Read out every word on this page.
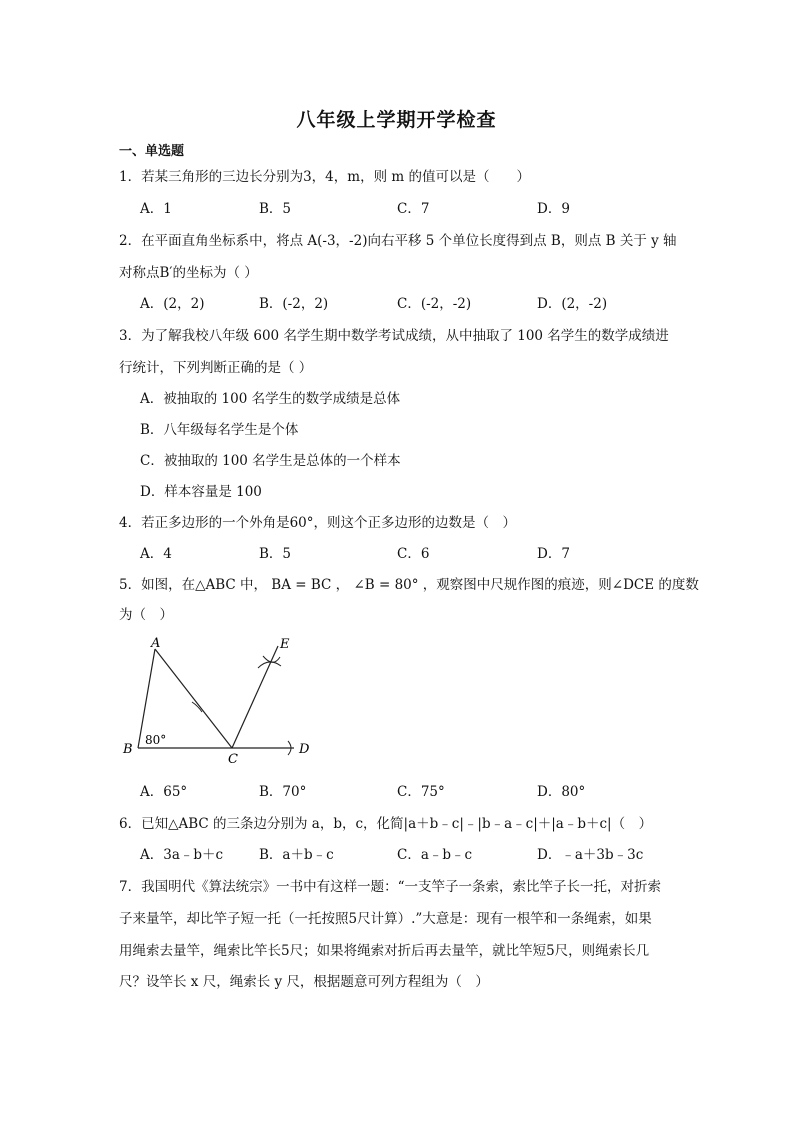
八年级上学期开学检查
一、单选题
1．若某三角形的三边长分别为3，4，m，则 m 的值可以是（　　）
A．1	B．5	C．7	D．9
2．在平面直角坐标系中，将点 A(-3，-2)向右平移 5 个单位长度得到点 B，则点 B 关于 y 轴
对称点B′的坐标为（ ）
A．(2，2)	B．(-2，2)	C．(-2，-2)	D．(2，-2)
3．为了解我校八年级 600 名学生期中数学考试成绩，从中抽取了 100 名学生的数学成绩进
行统计，下列判断正确的是（ ）
A．被抽取的 100 名学生的数学成绩是总体
B．八年级每名学生是个体
C．被抽取的 100 名学生是总体的一个样本
D．样本容量是 100
4．若正多边形的一个外角是60°，则这个正多边形的边数是（　）
A．4	B．5	C．6	D．7
5．如图，在△ABC 中， BA = BC ， ∠B = 80° ，观察图中尺规作图的痕迹，则∠DCE 的度数
为（　）
A
B
C
D
E
80°
A．65°	B．70°	C．75°	D．80°
6．已知△ABC 的三条边分别为 a，b，c，化简|a＋b﹣c|﹣|b﹣a﹣c|＋|a﹣b＋c|（　）
A．3a﹣b＋c	B．a＋b﹣c	C．a﹣b﹣c	D．﹣a＋3b﹣3c
7．我国明代《算法统宗》一书中有这样一题：“一支竿子一条索，索比竿子长一托，对折索
子来量竿，却比竿子短一托（一托按照5尺计算）.”大意是：现有一根竿和一条绳索，如果
用绳索去量竿，绳索比竿长5尺；如果将绳索对折后再去量竿，就比竿短5尺，则绳索长几
尺？设竿长 x 尺，绳索长 y 尺，根据题意可列方程组为（　）
